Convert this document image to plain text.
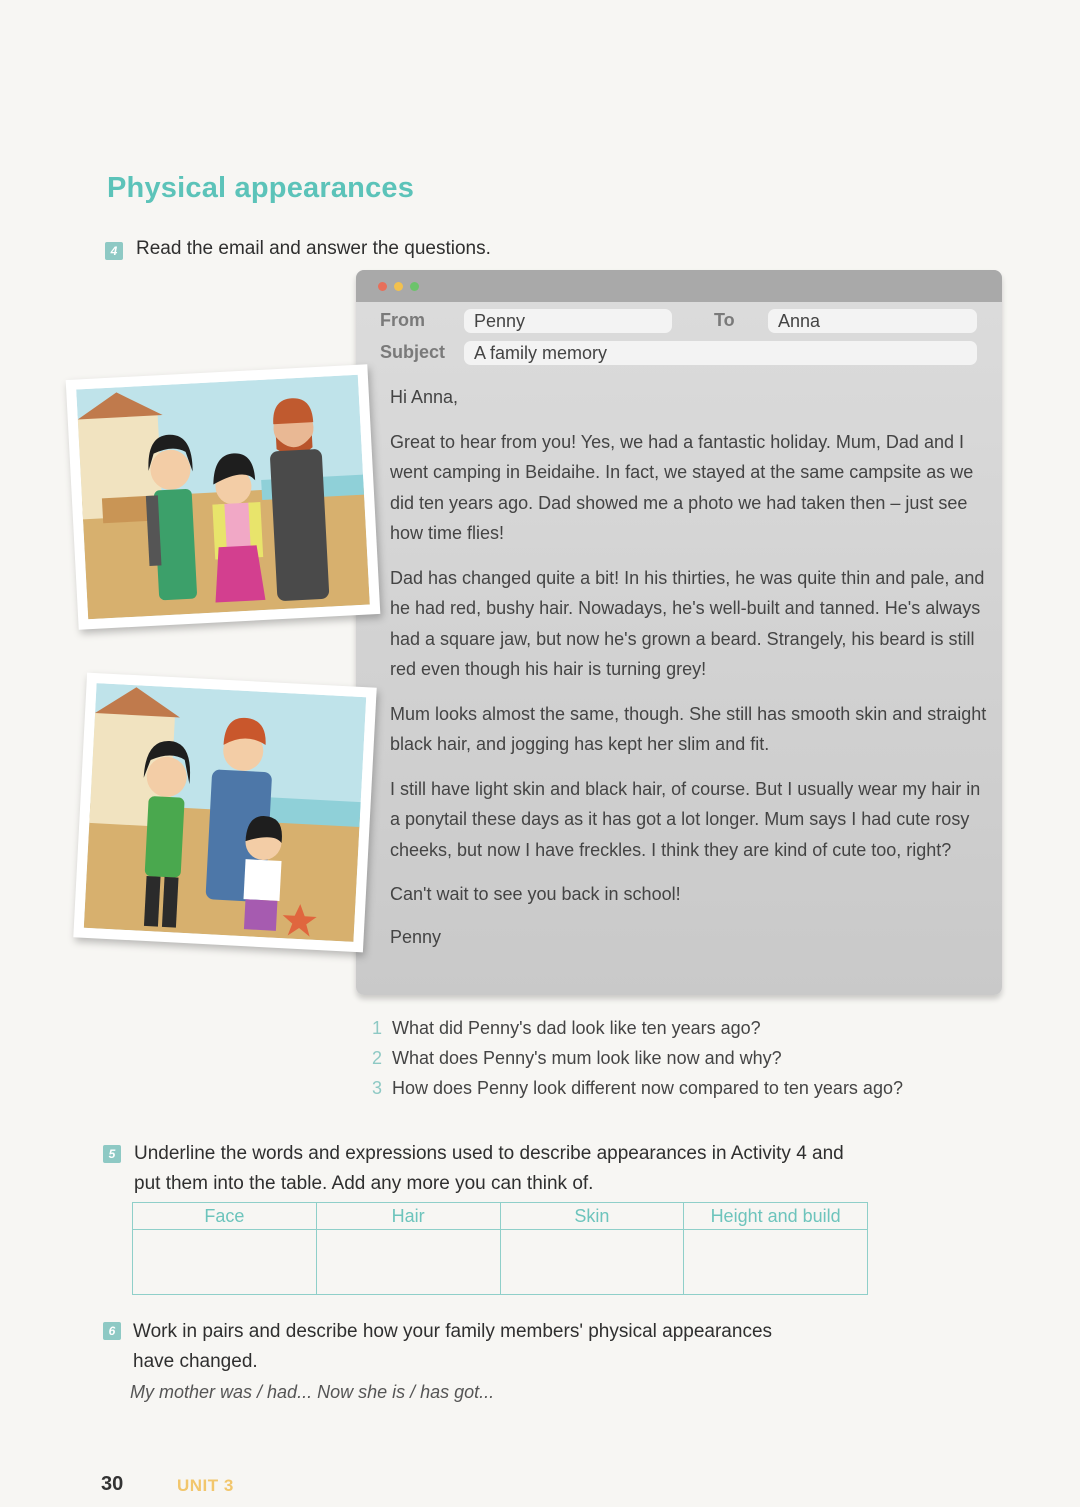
Physical appearances
4 Read the email and answer the questions.
From	Penny	To	Anna
Subject	A family memory

Hi Anna,

Great to hear from you! Yes, we had a fantastic holiday. Mum, Dad and I went camping in Beidaihe. In fact, we stayed at the same campsite as we did ten years ago. Dad showed me a photo we had taken then – just see how time flies!

Dad has changed quite a bit! In his thirties, he was quite thin and pale, and he had red, bushy hair. Nowadays, he's well-built and tanned. He's always had a square jaw, but now he's grown a beard. Strangely, his beard is still red even though his hair is turning grey!

Mum looks almost the same, though. She still has smooth skin and straight black hair, and jogging has kept her slim and fit.

I still have light skin and black hair, of course. But I usually wear my hair in a ponytail these days as it has got a lot longer. Mum says I had cute rosy cheeks, but now I have freckles. I think they are kind of cute too, right?

Can't wait to see you back in school!

Penny

1 What did Penny's dad look like ten years ago?
2 What does Penny's mum look like now and why?
3 How does Penny look different now compared to ten years ago?
5 Underline the words and expressions used to describe appearances in Activity 4 and
put them into the table. Add any more you can think of.
Face	Hair	Skin	Height and build

6 Work in pairs and describe how your family members' physical appearances
have changed.
My mother was / had... Now she is / has got...
30	UNIT 3
